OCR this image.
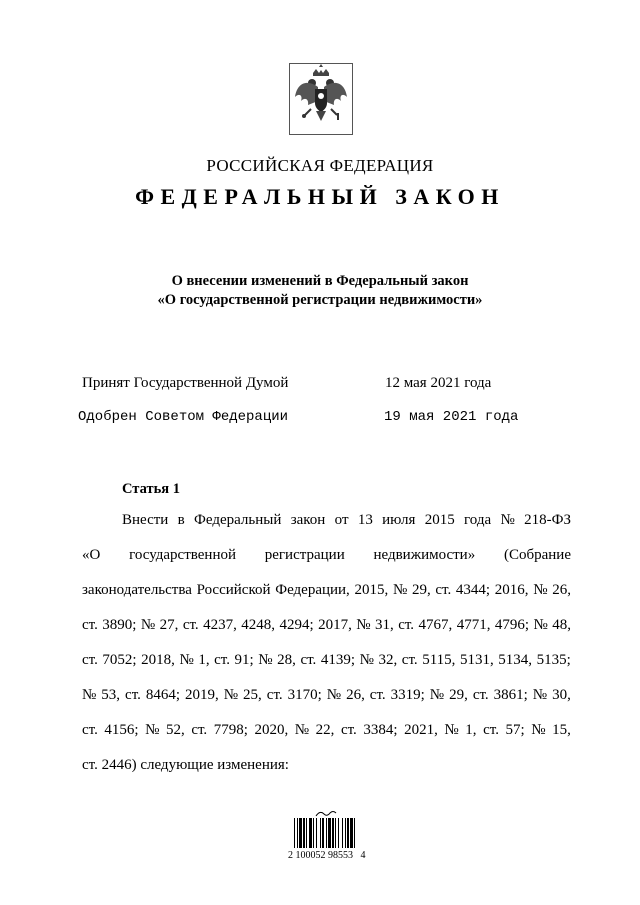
РОССИЙСКАЯ ФЕДЕРАЦИЯ
ФЕДЕРАЛЬНЫЙ ЗАКОН
О внесении изменений в Федеральный закон
«О государственной регистрации недвижимости»
Принят Государственной Думой	12 мая 2021 года
Одобрен Советом Федерации	19 мая 2021 года
Статья 1
Внести в Федеральный закон от 13 июля 2015 года № 218-ФЗ
«О государственной регистрации недвижимости» (Собрание
законодательства Российской Федерации, 2015, № 29, ст. 4344; 2016, № 26,
ст. 3890; № 27, ст. 4237, 4248, 4294; 2017, № 31, ст. 4767, 4771, 4796; № 48,
ст. 7052; 2018, № 1, ст. 91; № 28, ст. 4139; № 32, ст. 5115, 5131, 5134, 5135;
№ 53, ст. 8464; 2019, № 25, ст. 3170; № 26, ст. 3319; № 29, ст. 3861; № 30,
ст. 4156; № 52, ст. 7798; 2020, № 22, ст. 3384; 2021, № 1, ст. 57; № 15,
ст. 2446) следующие изменения:
2 100052 98553   4
